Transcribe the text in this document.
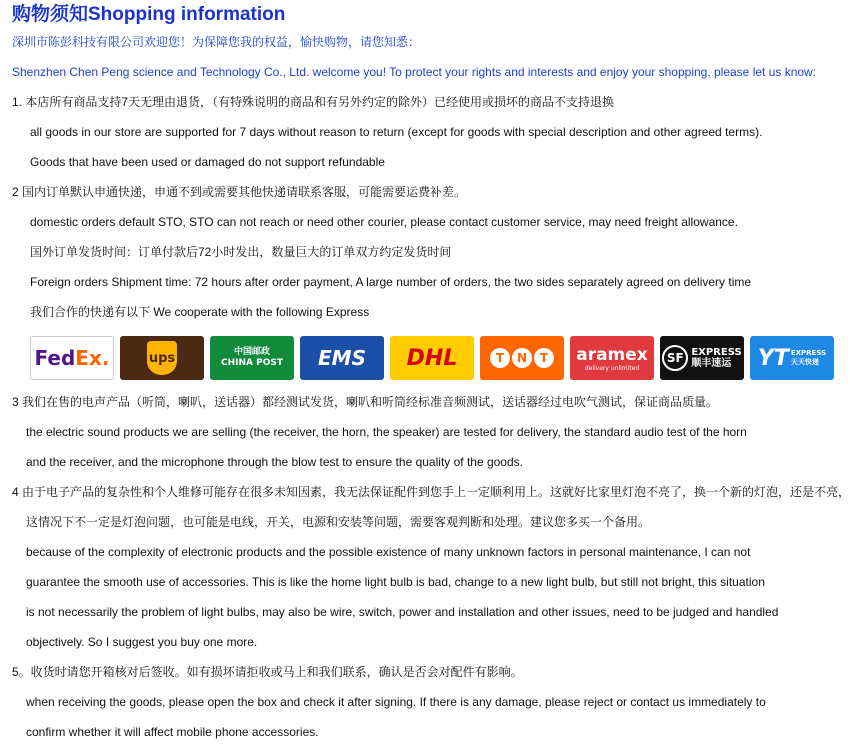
购物须知Shopping information
深圳市陈彭科技有限公司欢迎您！为保障您我的权益，愉快购物，请您知悉：
Shenzhen Chen Peng science and Technology Co., Ltd. welcome you! To protect your rights and interests and enjoy your shopping, please let us know:
1. 本店所有商品支持7天无理由退货，（有特殊说明的商品和有另外约定的除外）已经使用或损坏的商品不支持退换
all goods in our store are supported for 7 days without reason to return (except for goods with special description and other agreed terms).
Goods that have been used or damaged do not support refundable
2 国内订单默认申通快递，申通不到或需要其他快递请联系客服，可能需要运费补差。
domestic orders default STO, STO can not reach or need other courier, please contact customer service, may need freight allowance.
国外订单发货时间：订单付款后72小时发出，数量巨大的订单双方约定发货时间
Foreign orders Shipment time: 72 hours after order payment, A large number of orders, the two sides separately agreed on delivery time
我们合作的快递有以下 We cooperate with the following Express
Fed Ex.	ups	中国邮政
CHINA POST	EMS	DHL	T	N	T	aramex
delivery unlimited
SF EXPRESS
顺丰速运	YT EXPRESS
天天快递
3 我们在售的电声产品（听筒，喇叭，送话器）都经测试发货，喇叭和听筒经标准音频测试，送话器经过电吹气测试，保证商品质量。
the electric sound products we are selling (the receiver, the horn, the speaker) are tested for delivery, the standard audio test of the horn
and the receiver, and the microphone through the blow test to ensure the quality of the goods.
4 由于电子产品的复杂性和个人维修可能存在很多未知因素，我无法保证配件到您手上一定顺利用上。这就好比家里灯泡不亮了，换一个新的灯泡，还是不亮，
这情况下不一定是灯泡问题，也可能是电线，开关，电源和安装等问题，需要客观判断和处理。建议您多买一个备用。
because of the complexity of electronic products and the possible existence of many unknown factors in personal maintenance, I can not
guarantee the smooth use of accessories. This is like the home light bulb is bad, change to a new light bulb, but still not bright, this situation
is not necessarily the problem of light bulbs, may also be wire, switch, power and installation and other issues, need to be judged and handled
objectively. So I suggest you buy one more.
5。收货时请您开箱核对后签收。如有损坏请拒收或马上和我们联系，确认是否会对配件有影响。
when receiving the goods, please open the box and check it after signing. If there is any damage, please reject or contact us immediately to
confirm whether it will affect mobile phone accessories.
